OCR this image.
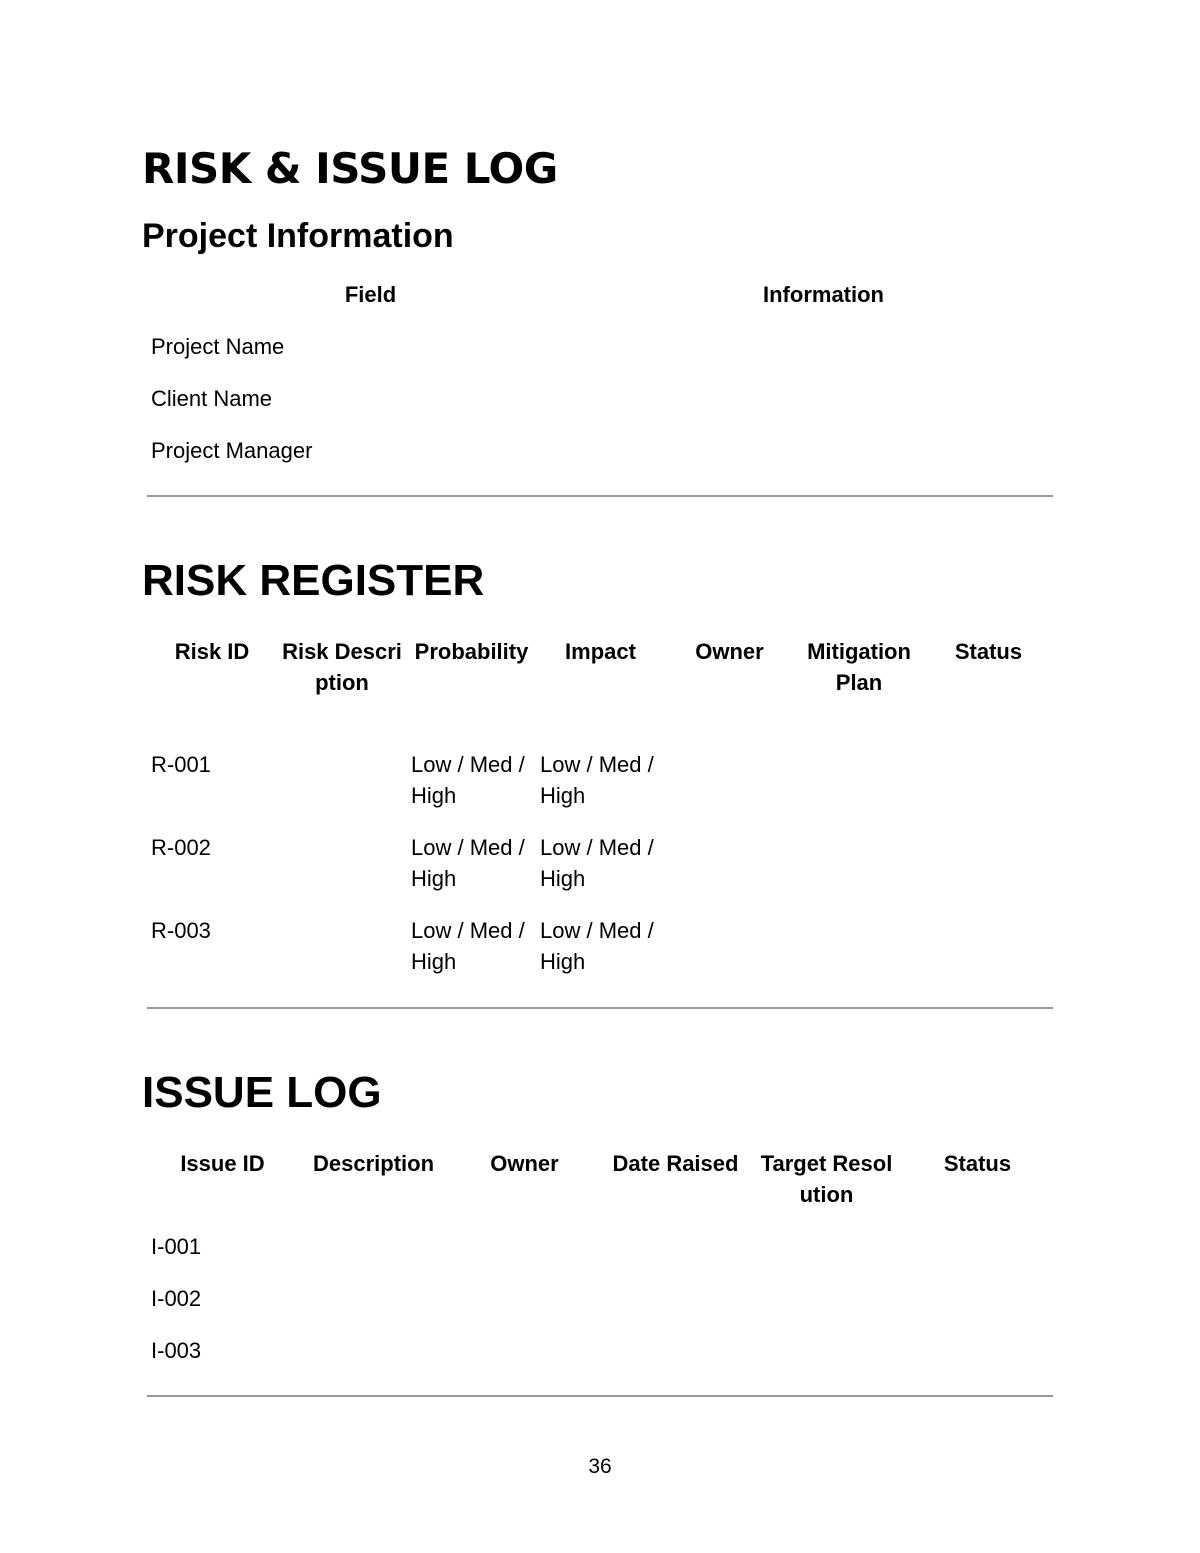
RISK & ISSUE LOG
Project Information
Field	Information
Project Name	
Client Name	
Project Manager	
RISK REGISTER
Risk ID	Risk Description	Probability	Impact	Owner	Mitigation Plan	Status
R-001		Low / Med / High	Low / Med / High			
R-002		Low / Med / High	Low / Med / High			
R-003		Low / Med / High	Low / Med / High			
ISSUE LOG
Issue ID	Description	Owner	Date Raised	Target Resolution	Status
I-001					
I-002					
I-003					
36
